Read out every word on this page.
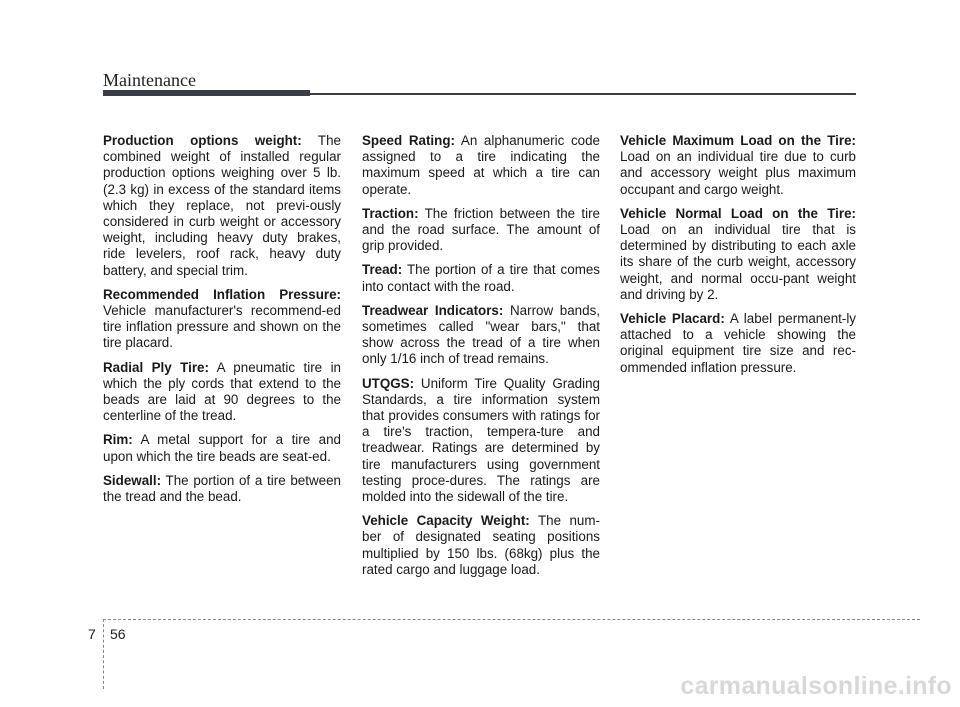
Maintenance

Production options weight: The combined weight of installed regular production options weighing over 5 lb.(2.3 kg) in excess of the standard items which they replace, not previ-ously considered in curb weight or accessory weight, including heavy duty brakes, ride levelers, roof rack, heavy duty battery, and special trim.

Recommended Inflation Pressure: Vehicle manufacturer's recommend-ed tire inflation pressure and shown on the tire placard.

Radial Ply Tire: A pneumatic tire in which the ply cords that extend to the beads are laid at 90 degrees to the centerline of the tread.

Rim: A metal support for a tire and upon which the tire beads are seat-ed.

Sidewall: The portion of a tire between the tread and the bead.

Speed Rating: An alphanumeric code assigned to a tire indicating the maximum speed at which a tire can operate.

Traction: The friction between the tire and the road surface. The amount of grip provided.

Tread: The portion of a tire that comes into contact with the road.

Treadwear Indicators: Narrow bands, sometimes called "wear bars," that show across the tread of a tire when only 1/16 inch of tread remains.

UTQGS: Uniform Tire Quality Grading Standards, a tire information system that provides consumers with ratings for a tire's traction, tempera-ture and treadwear. Ratings are determined by tire manufacturers using government testing proce-dures. The ratings are molded into the sidewall of the tire.

Vehicle Capacity Weight: The num-ber of designated seating positions multiplied by 150 lbs. (68kg) plus the rated cargo and luggage load.

Vehicle Maximum Load on the Tire: Load on an individual tire due to curb and accessory weight plus maximum occupant and cargo weight.

Vehicle Normal Load on the Tire: Load on an individual tire that is determined by distributing to each axle its share of the curb weight, accessory weight, and normal occu-pant weight and driving by 2.

Vehicle Placard: A label permanent-ly attached to a vehicle showing the original equipment tire size and rec-ommended inflation pressure.

7 56
carmanualsonline.info
